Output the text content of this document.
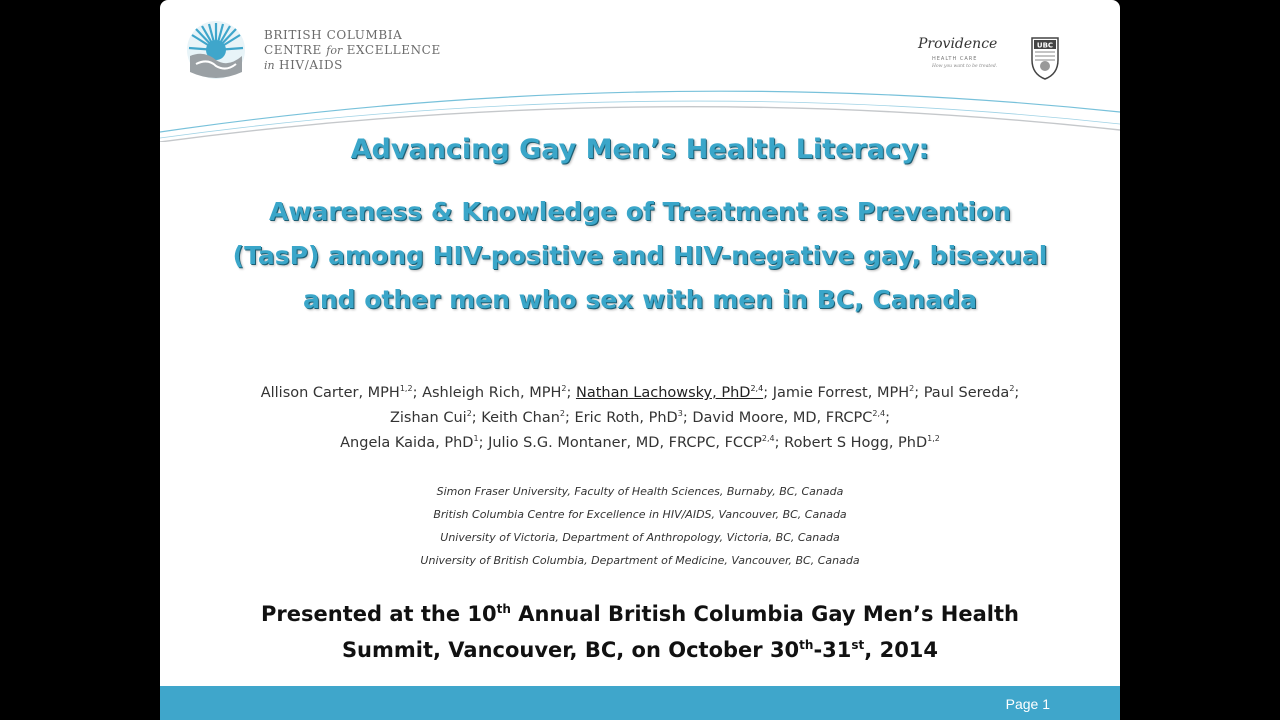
BRITISH COLUMBIA
CENTRE for EXCELLENCE
in HIV/AIDS
Providence
HEALTH CARE
How you want to be treated.
UBC
Advancing Gay Men’s Health Literacy:
Awareness & Knowledge of Treatment as Prevention
(TasP) among HIV-positive and HIV-negative gay, bisexual
and other men who sex with men in BC, Canada
Allison Carter, MPH$^{1,2}$; Ashleigh Rich, MPH$^2$; Nathan Lachowsky, PhD$^{2,4}$; Jamie Forrest, MPH$^2$; Paul Sereda$^2$; Zishan Cui$^2$; Keith Chan$^2$; Eric Roth, PhD$^3$; David Moore, MD, FRCPC$^{2,4}$;
Angela Kaida, PhD$^1$; Julio S.G. Montaner, MD, FRCPC, FCCP$^{2,4}$; Robert S Hogg, PhD$^{1,2}$
Simon Fraser University, Faculty of Health Sciences, Burnaby, BC, Canada
British Columbia Centre for Excellence in HIV/AIDS, Vancouver, BC, Canada
University of Victoria, Department of Anthropology, Victoria, BC, Canada
University of British Columbia, Department of Medicine, Vancouver, BC, Canada
Presented at the 10th Annual British Columbia Gay Men’s Health
Summit, Vancouver, BC, on October 30th-31st, 2014
Page 1
